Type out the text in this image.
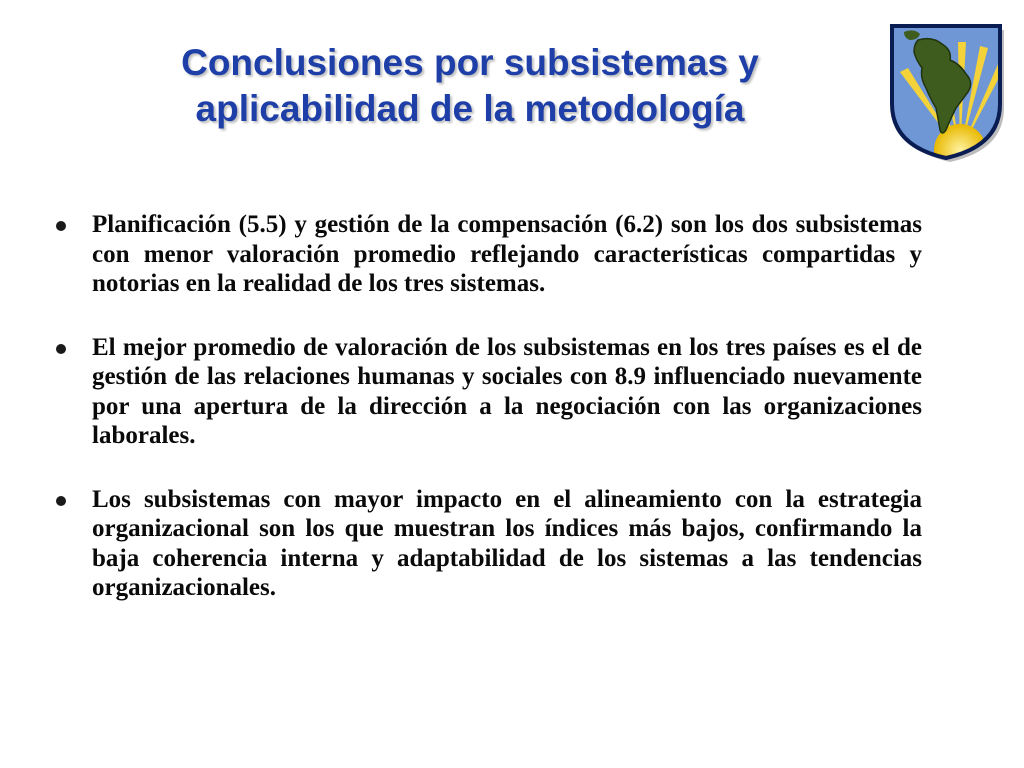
Conclusiones por subsistemas y
aplicabilidad de la metodología
Planificación (5.5) y gestión de la compensación (6.2) son los dos subsistemas con menor valoración promedio reflejando características compartidas y notorias en la realidad de los tres sistemas.
El mejor promedio de valoración de los subsistemas en los tres países es el de gestión de las relaciones humanas y sociales con 8.9 influenciado nuevamente por una apertura de la dirección a la negociación con las organizaciones laborales.
Los subsistemas con mayor impacto en el alineamiento con la estrategia organizacional son los que muestran los índices más bajos, confirmando la baja coherencia interna y adaptabilidad de los sistemas a las tendencias organizacionales.
